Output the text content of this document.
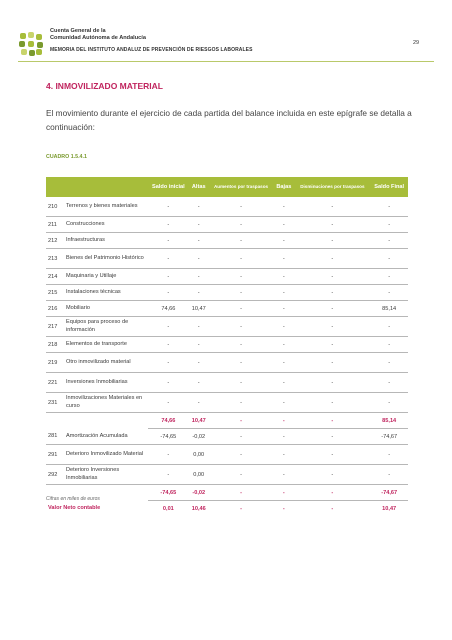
Cuenta General de la
Comunidad Autónoma de Andalucía
MEMORIA DEL INSTITUTO ANDALUZ DE PREVENCIÓN DE RIESGOS LABORALES
29
4. INMOVILIZADO MATERIAL
El movimiento durante el ejercicio de cada partida del balance incluida en este epígrafe se detalla a continuación:
CUADRO 1.5.4.1
		Saldo inicial	Altas	Aumentos por traspasos	Bajas	Disminuciones por traspasos	Saldo Final
210	Terrenos y bienes materiales	-	-	-	-	-	-
211	Construcciones	-	-	-	-	-	-
212	Infraestructuras	-	-	-	-	-	-
213	Bienes del Patrimonio Histórico	-	-	-	-	-	-
214	Maquinaria y Utillaje	-	-	-	-	-	-
215	Instalaciones técnicas	-	-	-	-	-	-
216	Mobiliario	74,66	10,47	-	-	-	85,14
217	Equipos para proceso de información	-	-	-	-	-	-
218	Elementos de transporte	-	-	-	-	-	-
219	Otro inmovilizado material	-	-	-	-	-	-
221	Inversiones Inmobiliarias	-	-	-	-	-	-
231	Inmovilizaciones Materiales en curso	-	-	-	-	-	-
		74,66	10,47	-	-	-	85,14
281	Amortización Acumulada	-74,65	-0,02	-	-	-	-74,67
291	Deterioro Inmovilizado Material	-	0,00	-	-	-	-
292	Deterioro Inversiones Inmobiliarias	-	0,00	-	-	-	-
		-74,65	-0,02	-	-	-	-74,67
Valor Neto contable		0,01	10,46	-	-	-	10,47
Cifras en miles de euros
